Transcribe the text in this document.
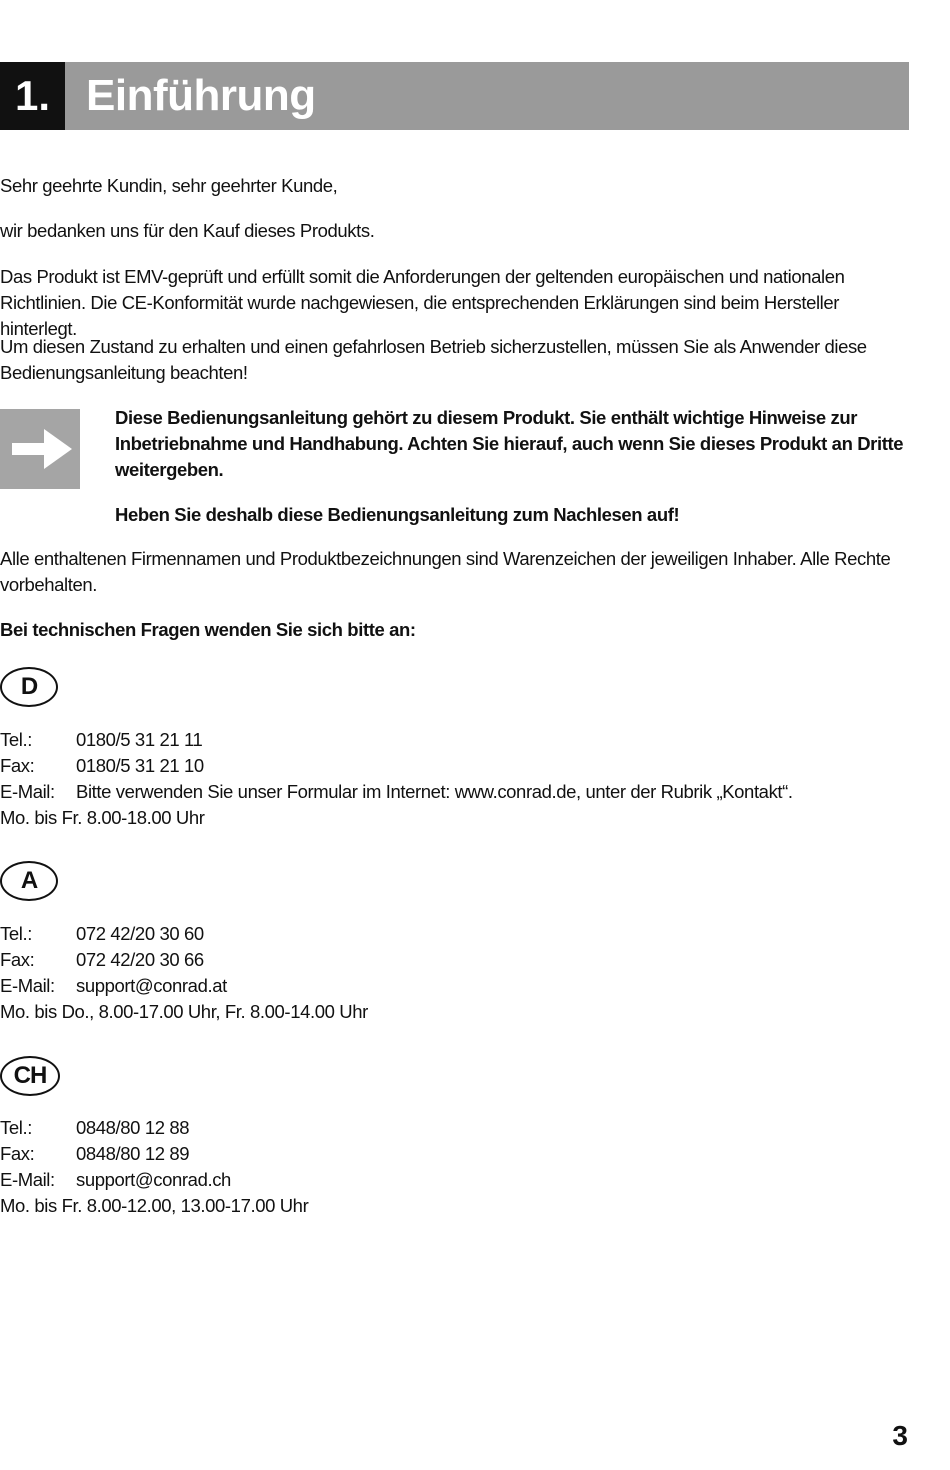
1. Einführung

Sehr geehrte Kundin, sehr geehrter Kunde,

wir bedanken uns für den Kauf dieses Produkts.

Das Produkt ist EMV-geprüft und erfüllt somit die Anforderungen der geltenden europäischen und nationalen Richtlinien. Die CE-Konformität wurde nachgewiesen, die entsprechenden Erklärungen sind beim Hersteller hinterlegt.

Um diesen Zustand zu erhalten und einen gefahrlosen Betrieb sicherzustellen, müssen Sie als Anwender diese Bedienungsanleitung beachten!

Diese Bedienungsanleitung gehört zu diesem Produkt. Sie enthält wichtige Hinweise zur Inbetriebnahme und Handhabung. Achten Sie hierauf, auch wenn Sie dieses Produkt an Dritte weitergeben.

Heben Sie deshalb diese Bedienungsanleitung zum Nachlesen auf!

Alle enthaltenen Firmennamen und Produktbezeichnungen sind Warenzeichen der jeweiligen Inhaber. Alle Rechte vorbehalten.

Bei technischen Fragen wenden Sie sich bitte an:

D
Tel.: 0180/5 31 21 11
Fax: 0180/5 31 21 10
E-Mail: Bitte verwenden Sie unser Formular im Internet: www.conrad.de, unter der Rubrik „Kontakt“.
Mo. bis Fr. 8.00-18.00 Uhr
A
Tel.: 072 42/20 30 60
Fax: 072 42/20 30 66
E-Mail: support@conrad.at
Mo. bis Do., 8.00-17.00 Uhr, Fr. 8.00-14.00 Uhr
CH
Tel.: 0848/80 12 88
Fax: 0848/80 12 89
E-Mail: support@conrad.ch
Mo. bis Fr. 8.00-12.00, 13.00-17.00 Uhr
3
